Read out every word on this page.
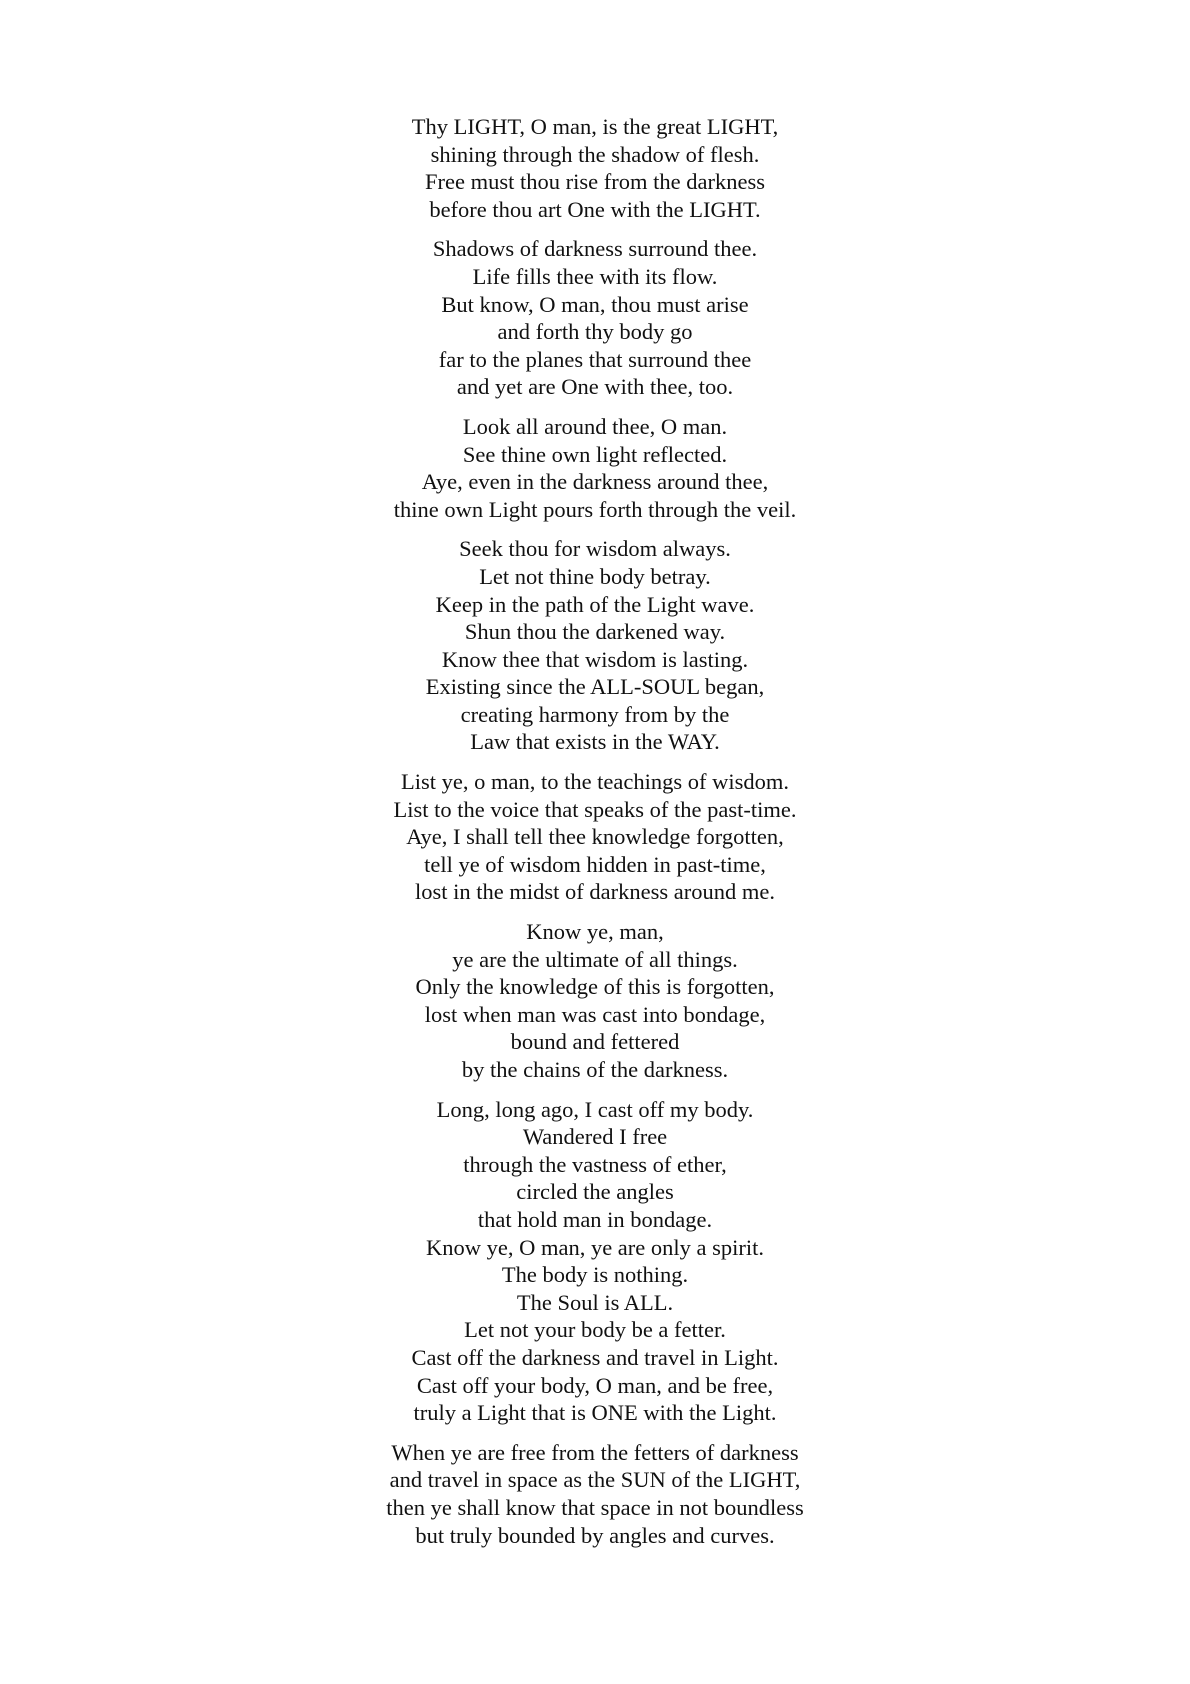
Thy LIGHT, O man, is the great LIGHT,
shining through the shadow of flesh.
Free must thou rise from the darkness
before thou art One with the LIGHT.

Shadows of darkness surround thee.
Life fills thee with its flow.
But know, O man, thou must arise
and forth thy body go
far to the planes that surround thee
and yet are One with thee, too.

Look all around thee, O man.
See thine own light reflected.
Aye, even in the darkness around thee,
thine own Light pours forth through the veil.

Seek thou for wisdom always.
Let not thine body betray.
Keep in the path of the Light wave.
Shun thou the darkened way.
Know thee that wisdom is lasting.
Existing since the ALL-SOUL began,
creating harmony from by the
Law that exists in the WAY.

List ye, o man, to the teachings of wisdom.
List to the voice that speaks of the past-time.
Aye, I shall tell thee knowledge forgotten,
tell ye of wisdom hidden in past-time,
lost in the midst of darkness around me.

Know ye, man,
ye are the ultimate of all things.
Only the knowledge of this is forgotten,
lost when man was cast into bondage,
bound and fettered
by the chains of the darkness.

Long, long ago, I cast off my body.
Wandered I free
through the vastness of ether,
circled the angles
that hold man in bondage.
Know ye, O man, ye are only a spirit.
The body is nothing.
The Soul is ALL.
Let not your body be a fetter.
Cast off the darkness and travel in Light.
Cast off your body, O man, and be free,
truly a Light that is ONE with the Light.

When ye are free from the fetters of darkness
and travel in space as the SUN of the LIGHT,
then ye shall know that space in not boundless
but truly bounded by angles and curves.
